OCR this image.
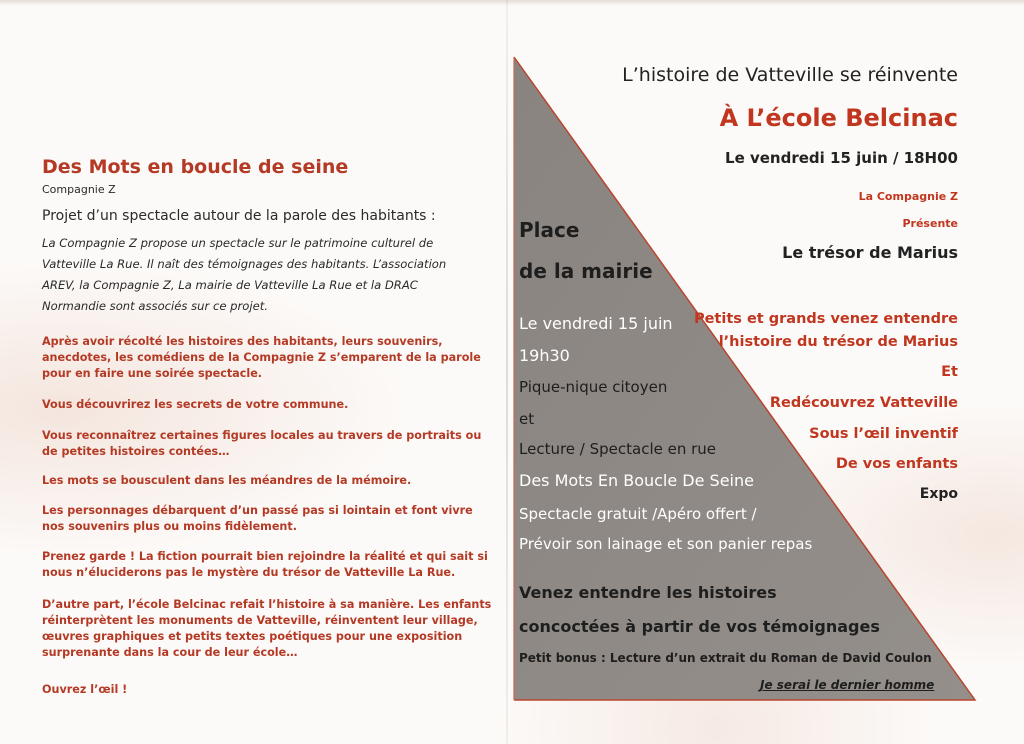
Des Mots en boucle de seine
Compagnie Z
Projet d’un spectacle autour de la parole des habitants :
La Compagnie Z propose un spectacle sur le patrimoine culturel de Vatteville La Rue. Il naît des témoignages des habitants. L’association AREV, la Compagnie Z, La mairie de Vatteville La Rue et la DRAC Normandie sont associés sur ce projet.
Après avoir récolté les histoires des habitants, leurs souvenirs, anecdotes, les comédiens de la Compagnie Z s’emparent de la parole pour en faire une soirée spectacle.
Vous découvrirez les secrets de votre commune.
Vous reconnaîtrez certaines figures locales au travers de portraits ou de petites histoires contées…
Les mots se bousculent dans les méandres de la mémoire.
Les personnages débarquent d’un passé pas si lointain et font vivre nos souvenirs plus ou moins fidèlement.
Prenez garde ! La fiction pourrait bien rejoindre la réalité et qui sait si nous n’éluciderons pas le mystère du trésor de Vatteville La Rue.
D’autre part, l’école Belcinac refait l’histoire à sa manière. Les enfants réinterprètent les monuments de Vatteville, réinventent leur village, œuvres graphiques et petits textes poétiques pour une exposition surprenante dans la cour de leur école…
Ouvrez l’œil !
L’histoire de Vatteville se réinvente
À L’école Belcinac
Le vendredi 15 juin / 18H00
La Compagnie Z
Présente
Le trésor de Marius
Petits et grands venez entendre
l’histoire du trésor de Marius
Et
Redécouvrez Vatteville
Sous l’œil inventif
De vos enfants
Expo
Place
de la mairie
Le vendredi 15 juin
19h30
Pique-nique citoyen
et
Lecture / Spectacle en rue
Des Mots En Boucle De Seine
Spectacle gratuit /Apéro offert /
Prévoir son lainage et son panier repas
Venez entendre les histoires
concoctées à partir de vos témoignages
Petit bonus : Lecture d’un extrait du Roman de David Coulon
Je serai le dernier homme
